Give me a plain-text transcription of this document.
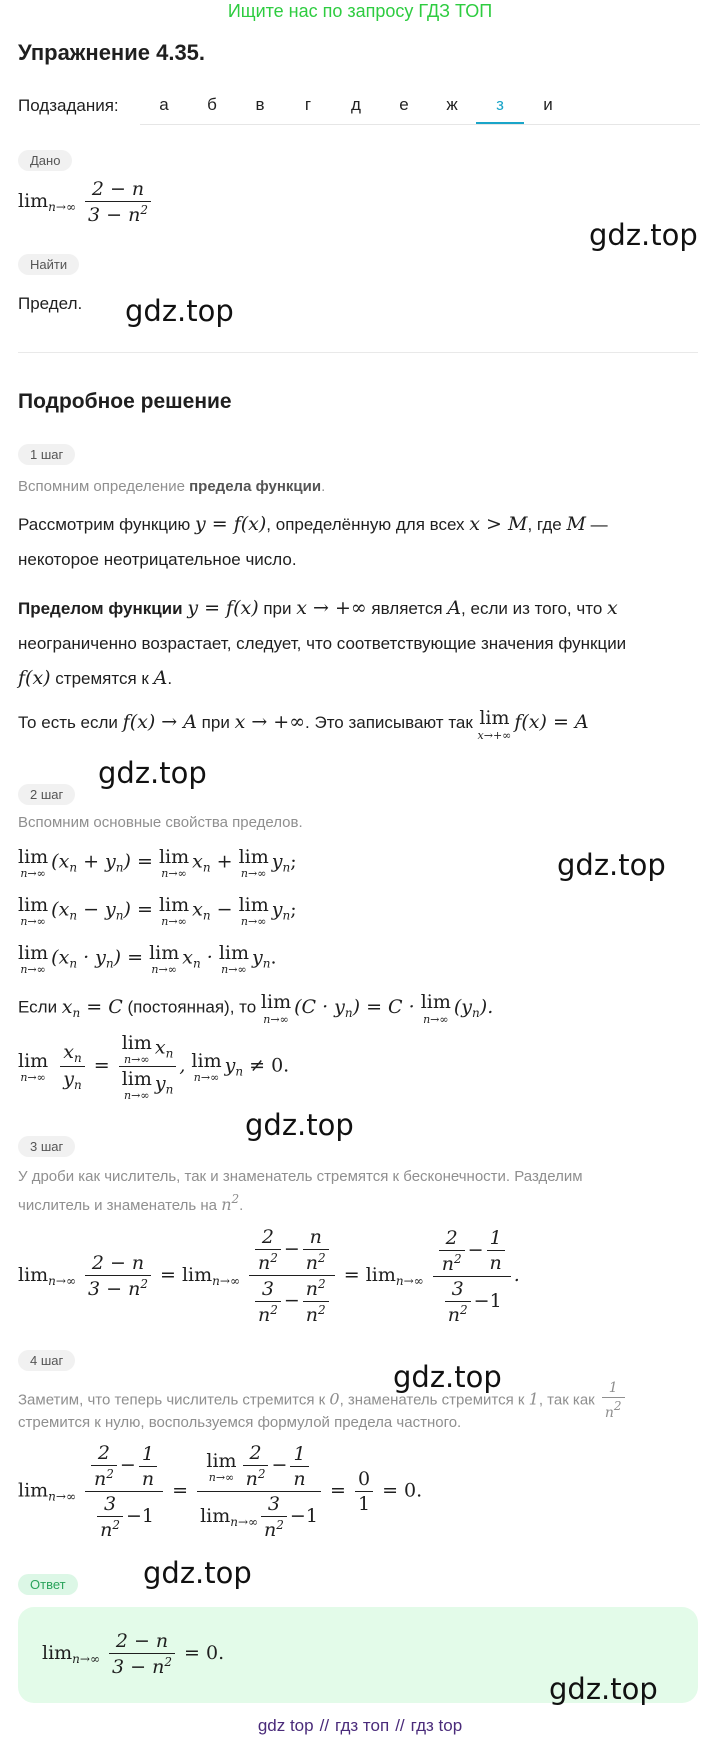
Ищите нас по запросу ГДЗ ТОП
Упражнение 4.35.
Подзадания:	а	б	в	г	д	е	ж	з	и
Дано
$\lim_{n\to\infty} \frac{2 - n}{3 - n^2}$
Найти
Предел.
Подробное решение
1 шаг
Вспомним определение предела функции.
Рассмотрим функцию y = f(x), определённую для всех x > M, где M —
некоторое неотрицательное число.
Пределом функции y = f(x) при x → +∞ является A, если из того, что x
неограниченно возрастает, следует, что соответствующие значения функции
f(x) стремятся к A.
То есть если f(x) → A при x → +∞. Это записывают так lim
x→+∞
f(x) = A
2 шаг
Вспомним основные свойства пределов.
lim
n→∞
$(x_n + y_n) = \lim$
n→∞
$x_n + \lim$
n→∞
$y_n$;
lim
n→∞
$(x_n - y_n) = \lim$
n→∞
$x_n - \lim$
n→∞
$y_n$;
lim
n→∞
$(x_n \cdot y_n) = \lim$
n→∞
$x_n \cdot \lim$
n→∞
$y_n$.
Если $x_n = C$ (постоянная), то lim
n→∞
$(C \cdot y_n) = C \cdot \lim$
n→∞
$(y_n)$.
lim
n→∞
$\frac{x_n}{y_n} = \lim$
n→∞
$x_n$
lim
n→∞
$y_n$ , lim
n→∞
$y_n \ne 0$.
3 шаг
У дроби как числитель, так и знаменатель стремятся к бесконечности. Разделим
числитель и знаменатель на $n^2$.
$\lim_{n\to\infty} \frac{2 - n}{3 - n^2} = \lim_{n\to\infty} \frac{\frac{2}{n^2} - \frac{n}{n^2}}{\frac{3}{n^2} - \frac{n^2}{n^2}} = \lim_{n\to\infty} \frac{\frac{2}{n^2} - \frac{1}{n}}{\frac{3}{n^2} -1}$ .
4 шаг
Заметим, что теперь числитель стремится к 0, знаменатель стремится к 1, так как $\frac{1}{n2}$
стремится к нулю, воспользуемся формулой предела частного.
$\lim_{n\to\infty} \frac{\frac{2}{n^2} - \frac{1}{n}}{\frac{3}{n^2} -1} = \lim$
$n\to\infty \frac{2}{n^2} - \frac{1}{n}$
$\lim_{n\to\infty} \frac{3}{n^2} -1 = \frac{0}{1} = 0$.
Ответ
$\lim_{n\to\infty} \frac{2 - n}{3 - n^2} = 0$.
gdz.top
gdz.top
gdz.top
gdz.top
gdz.top
gdz.top
gdz.top
gdz.top
gdz top // гдз топ // гдз top
